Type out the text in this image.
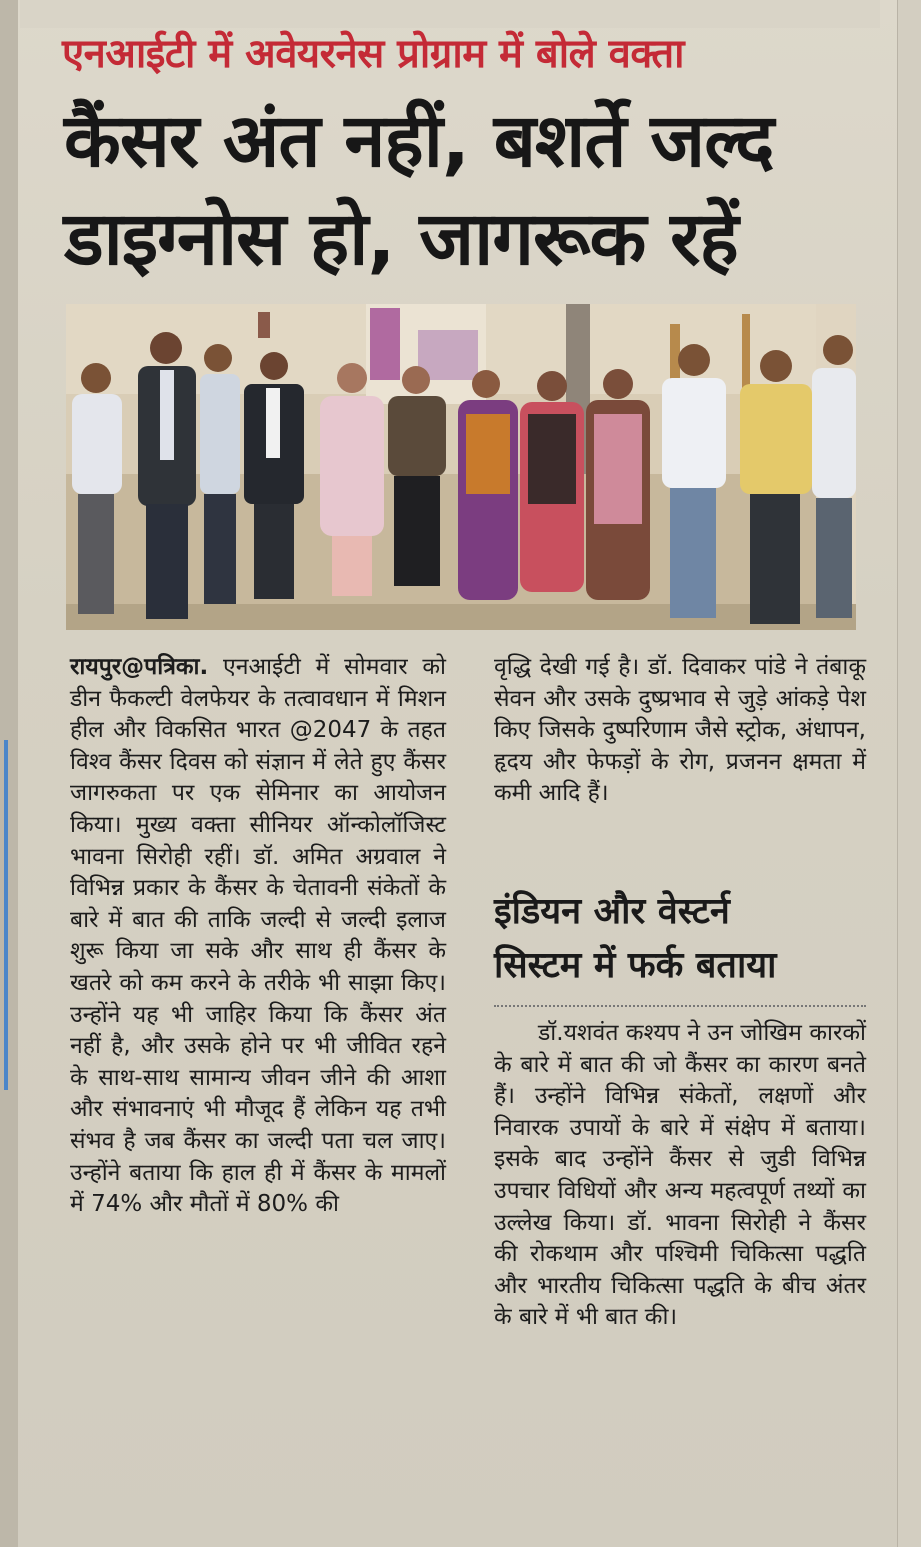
एनआईटी में अवेयरनेस प्रोग्राम में बोले वक्ता
कैंसर अंत नहीं, बशर्ते जल्द
डाइग्नोस हो, जागरूक रहें
रायपुर@पत्रिका. एनआईटी में सोमवार को डीन फैकल्टी वेलफेयर के तत्वावधान में मिशन हील और विकसित भारत @2047 के तहत विश्व कैंसर दिवस को संज्ञान में लेते हुए कैंसर जागरुकता पर एक सेमिनार का आयोजन किया। मुख्य वक्ता सीनियर ऑन्कोलॉजिस्ट भावना सिरोही रहीं। डॉ. अमित अग्रवाल ने विभिन्न प्रकार के कैंसर के चेतावनी संकेतों के बारे में बात की ताकि जल्दी से जल्दी इलाज शुरू किया जा सके और साथ ही कैंसर के खतरे को कम करने के तरीके भी साझा किए। उन्होंने यह भी जाहिर किया कि कैंसर अंत नहीं है, और उसके होने पर भी जीवित रहने के साथ-साथ सामान्य जीवन जीने की आशा और संभावनाएं भी मौजूद हैं लेकिन यह तभी संभव है जब कैंसर का जल्दी पता चल जाए। उन्होंने बताया कि हाल ही में कैंसर के मामलों में 74% और मौतों में 80% की
वृद्धि देखी गई है। डॉ. दिवाकर पांडे ने तंबाकू सेवन और उसके दुष्प्रभाव से जुड़े आंकड़े पेश किए जिसके दुष्परिणाम जैसे स्ट्रोक, अंधापन, हृदय और फेफड़ों के रोग, प्रजनन क्षमता में कमी आदि हैं।
इंडियन और वेस्टर्न
सिस्टम में फर्क बताया
डॉ.यशवंत कश्यप ने उन जोखिम कारकों के बारे में बात की जो कैंसर का कारण बनते हैं। उन्होंने विभिन्न संकेतों, लक्षणों और निवारक उपायों के बारे में संक्षेप में बताया। इसके बाद उन्होंने कैंसर से जुडी विभिन्न उपचार विधियों और अन्य महत्वपूर्ण तथ्यों का उल्लेख किया। डॉ. भावना सिरोही ने कैंसर की रोकथाम और पश्चिमी चिकित्सा पद्धति और भारतीय चिकित्सा पद्धति के बीच अंतर के बारे में भी बात की।
